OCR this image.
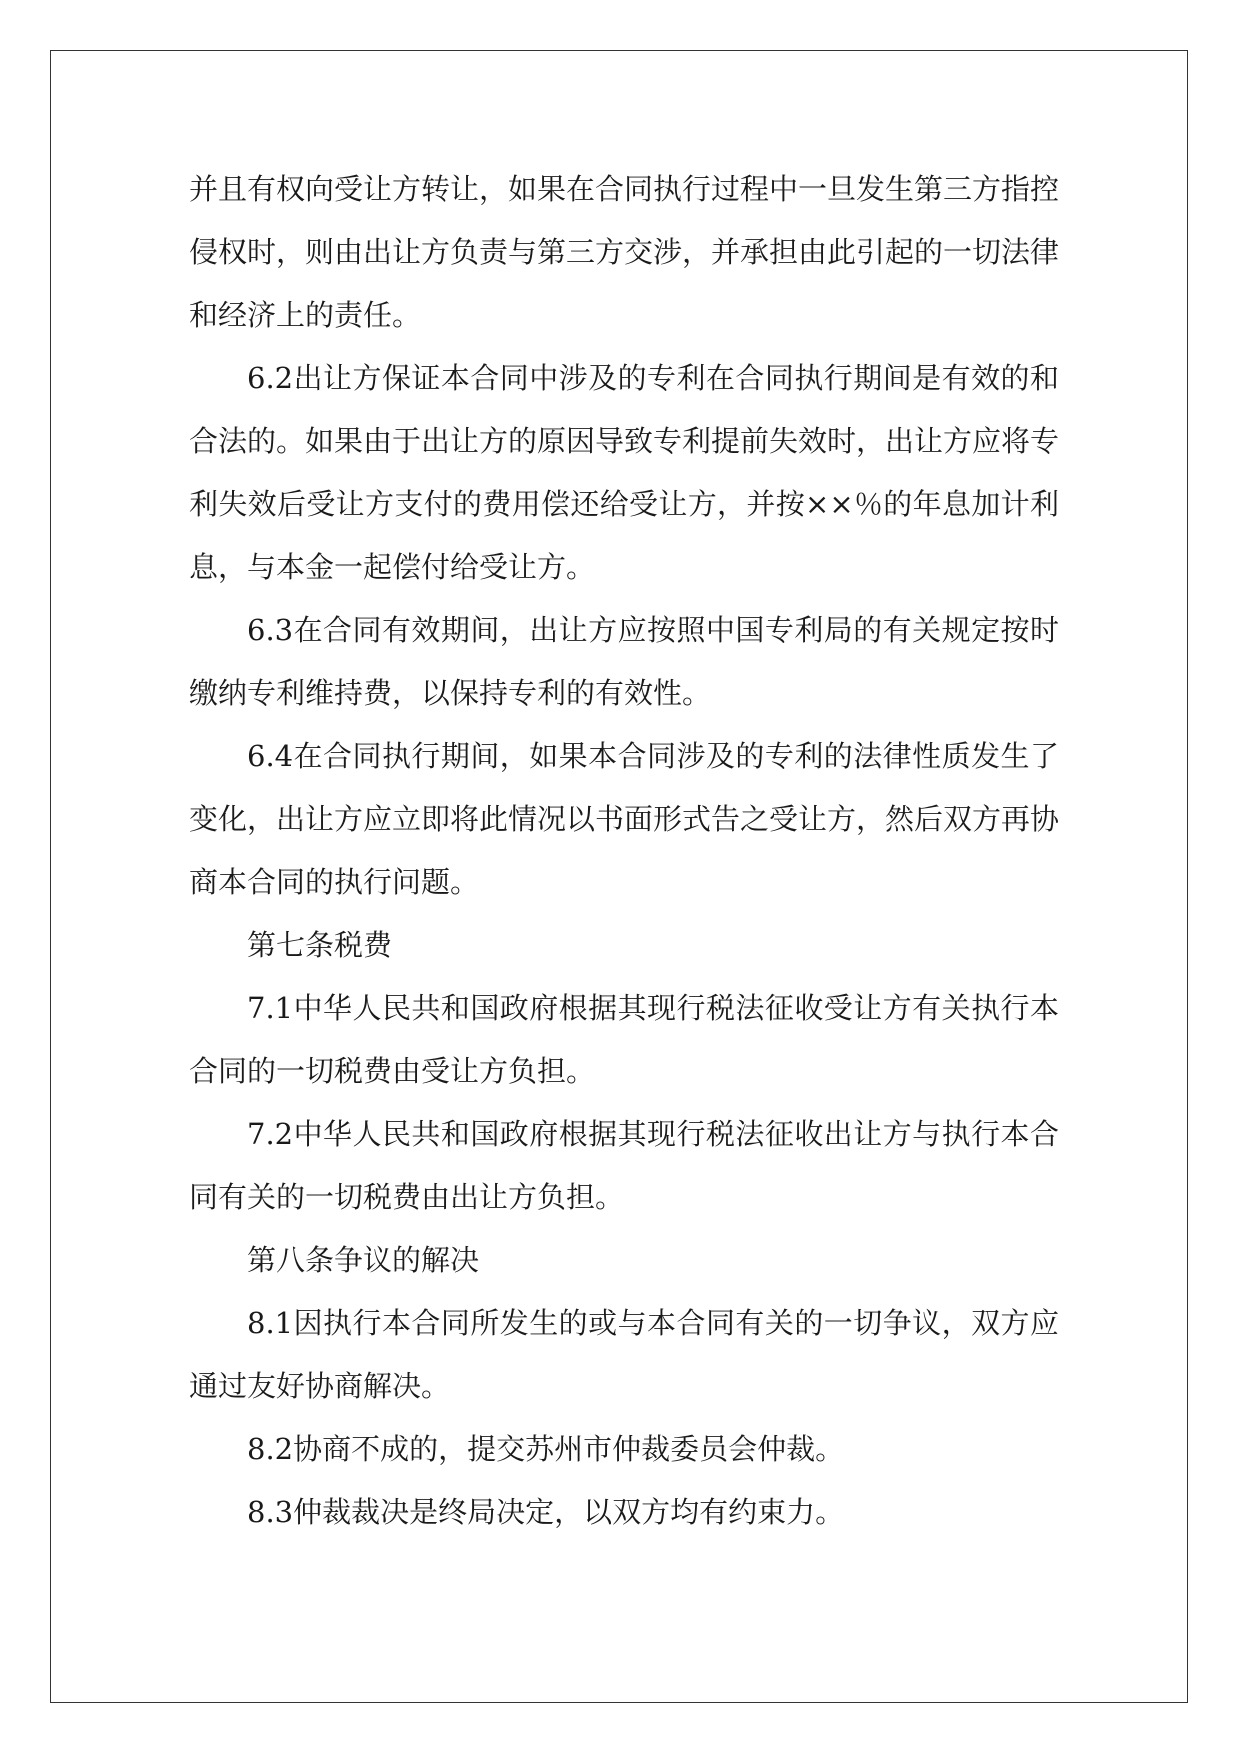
并且有权向受让方转让，如果在合同执行过程中一旦发生第三方指控
侵权时，则由出让方负责与第三方交涉，并承担由此引起的一切法律
和经济上的责任。
6.2出让方保证本合同中涉及的专利在合同执行期间是有效的和
合法的。如果由于出让方的原因导致专利提前失效时，出让方应将专
利失效后受让方支付的费用偿还给受让方，并按××％的年息加计利
息，与本金一起偿付给受让方。
6.3在合同有效期间，出让方应按照中国专利局的有关规定按时
缴纳专利维持费，以保持专利的有效性。
6.4在合同执行期间，如果本合同涉及的专利的法律性质发生了
变化，出让方应立即将此情况以书面形式告之受让方，然后双方再协
商本合同的执行问题。
第七条税费
7.1中华人民共和国政府根据其现行税法征收受让方有关执行本
合同的一切税费由受让方负担。
7.2中华人民共和国政府根据其现行税法征收出让方与执行本合
同有关的一切税费由出让方负担。
第八条争议的解决
8.1因执行本合同所发生的或与本合同有关的一切争议，双方应
通过友好协商解决。
8.2协商不成的，提交苏州市仲裁委员会仲裁。
8.3仲裁裁决是终局决定，以双方均有约束力。
